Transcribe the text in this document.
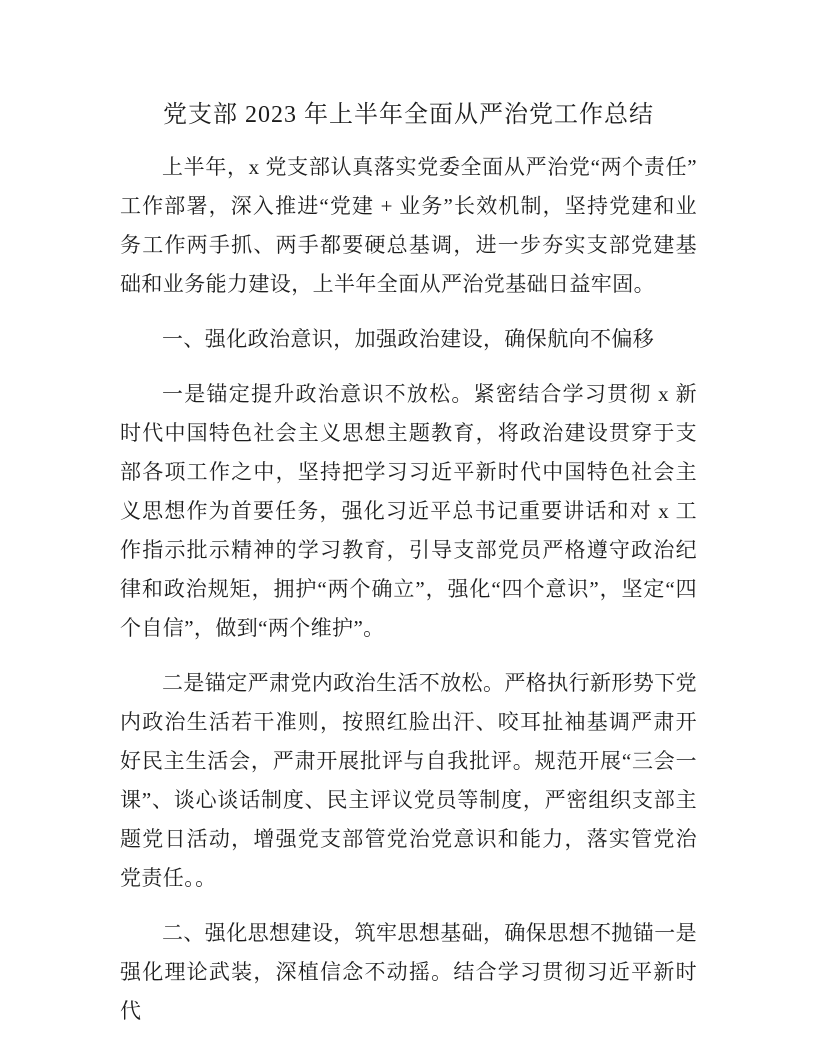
党支部 2023 年上半年全面从严治党工作总结

上半年，x 党支部认真落实党委全面从严治党“两个责任”工作部署，深入推进“党建 + 业务”长效机制，坚持党建和业务工作两手抓、两手都要硬总基调，进一步夯实支部党建基础和业务能力建设，上半年全面从严治党基础日益牢固。

一、强化政治意识，加强政治建设，确保航向不偏移

一是锚定提升政治意识不放松。紧密结合学习贯彻 x 新时代中国特色社会主义思想主题教育，将政治建设贯穿于支部各项工作之中，坚持把学习习近平新时代中国特色社会主义思想作为首要任务，强化习近平总书记重要讲话和对 x 工作指示批示精神的学习教育，引导支部党员严格遵守政治纪律和政治规矩，拥护“两个确立”，强化“四个意识”，坚定“四个自信”，做到“两个维护”。

二是锚定严肃党内政治生活不放松。严格执行新形势下党内政治生活若干准则，按照红脸出汗、咬耳扯袖基调严肃开好民主生活会，严肃开展批评与自我批评。规范开展“三会一课”、谈心谈话制度、民主评议党员等制度，严密组织支部主题党日活动，增强党支部管党治党意识和能力，落实管党治党责任。。

二、强化思想建设，筑牢思想基础，确保思想不抛锚一是强化理论武装，深植信念不动摇。结合学习贯彻习近平新时代
